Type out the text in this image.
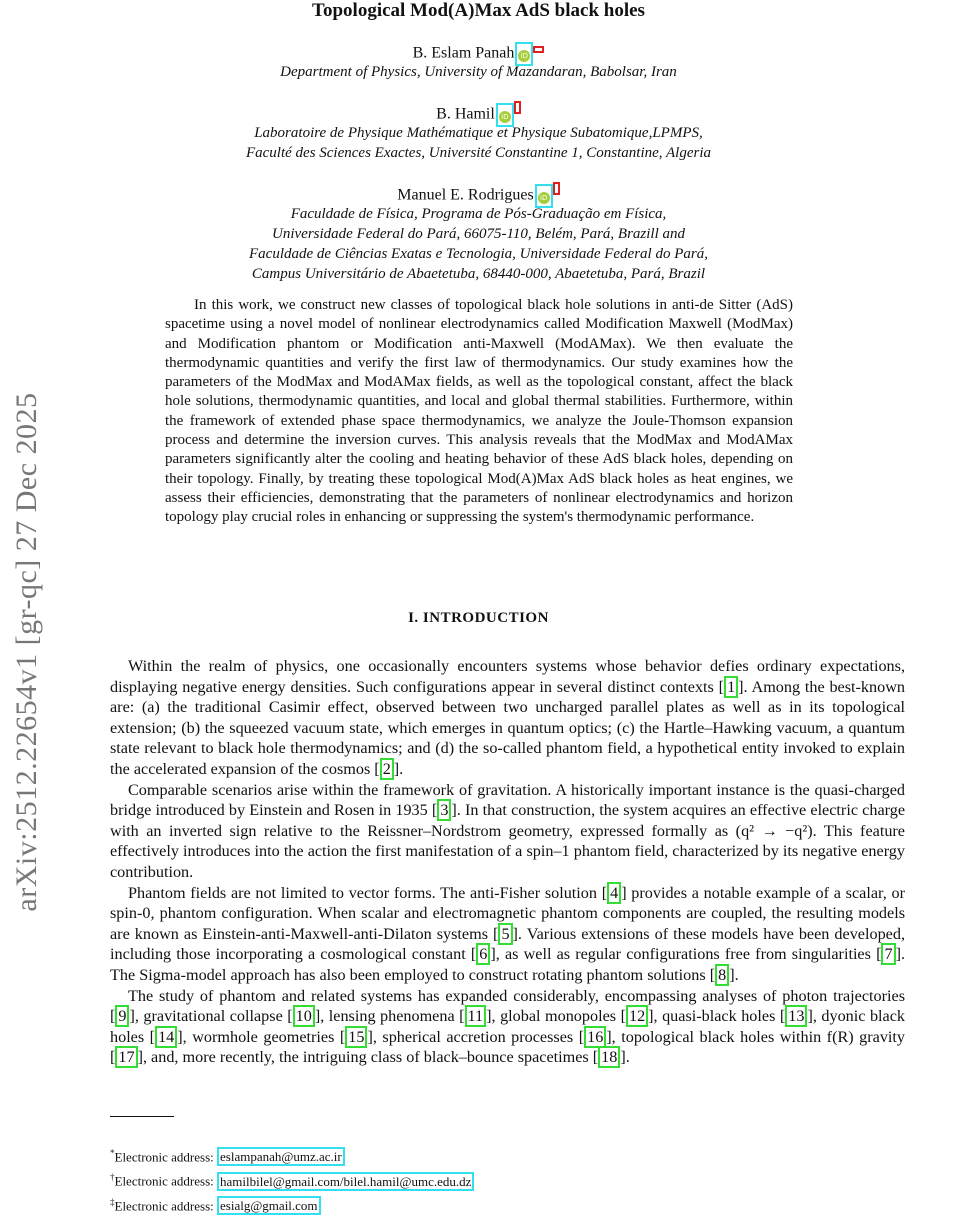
arXiv:2512.22654v1 [gr-qc] 27 Dec 2025
Topological Mod(A)Max AdS black holes
B. Eslam Panah iD
Department of Physics, University of Mazandaran, Babolsar, Iran
B. Hamil iD
Laboratoire de Physique Mathématique et Physique Subatomique,LPMPS,
Faculté des Sciences Exactes, Université Constantine 1, Constantine, Algeria
Manuel E. Rodrigues iD
Faculdade de Física, Programa de Pós-Graduação em Física,
Universidade Federal do Pará, 66075-110, Belém, Pará, Brazill and
Faculdade de Ciências Exatas e Tecnologia, Universidade Federal do Pará,
Campus Universitário de Abaetetuba, 68440-000, Abaetetuba, Pará, Brazil
In this work, we construct new classes of topological black hole solutions in anti-de Sitter (AdS) spacetime using a novel model of nonlinear electrodynamics called Modification Maxwell (ModMax) and Modification phantom or Modification anti-Maxwell (ModAMax). We then evaluate the thermodynamic quantities and verify the first law of thermodynamics. Our study examines how the parameters of the ModMax and ModAMax fields, as well as the topological constant, affect the black hole solutions, thermodynamic quantities, and local and global thermal stabilities. Furthermore, within the framework of extended phase space thermodynamics, we analyze the Joule-Thomson expansion process and determine the inversion curves. This analysis reveals that the ModMax and ModAMax parameters significantly alter the cooling and heating behavior of these AdS black holes, depending on their topology. Finally, by treating these topological Mod(A)Max AdS black holes as heat engines, we assess their efficiencies, demonstrating that the parameters of nonlinear electrodynamics and horizon topology play crucial roles in enhancing or suppressing the system's thermodynamic performance.
I. INTRODUCTION

Within the realm of physics, one occasionally encounters systems whose behavior defies ordinary expectations, displaying negative energy densities. Such configurations appear in several distinct contexts [ 1 ]. Among the best-known are: (a) the traditional Casimir effect, observed between two uncharged parallel plates as well as in its topological extension; (b) the squeezed vacuum state, which emerges in quantum optics; (c) the Hartle–Hawking vacuum, a quantum state relevant to black hole thermodynamics; and (d) the so-called phantom field, a hypothetical entity invoked to explain the accelerated expansion of the cosmos [ 2 ].

Comparable scenarios arise within the framework of gravitation. A historically important instance is the quasi-charged bridge introduced by Einstein and Rosen in 1935 [ 3 ]. In that construction, the system acquires an effective electric charge with an inverted sign relative to the Reissner–Nordstrom geometry, expressed formally as (q² → −q²). This feature effectively introduces into the action the first manifestation of a spin–1 phantom field, characterized by its negative energy contribution.

Phantom fields are not limited to vector forms. The anti-Fisher solution [ 4 ] provides a notable example of a scalar, or spin-0, phantom configuration. When scalar and electromagnetic phantom components are coupled, the resulting models are known as Einstein-anti-Maxwell-anti-Dilaton systems [ 5 ]. Various extensions of these models have been developed, including those incorporating a cosmological constant [ 6 ], as well as regular configurations free from singularities [ 7 ]. The Sigma-model approach has also been employed to construct rotating phantom solutions [ 8 ].

The study of phantom and related systems has expanded considerably, encompassing analyses of photon trajectories [ 9 ], gravitational collapse [ 10 ], lensing phenomena [ 11 ], global monopoles [ 12 ], quasi-black holes [ 13 ], dyonic black holes [ 14 ], wormhole geometries [ 15 ], spherical accretion processes [ 16 ], topological black holes within f(R) gravity [ 17 ], and, more recently, the intriguing class of black–bounce spacetimes [ 18 ].

*Electronic address: eslampanah@umz.ac.ir
†Electronic address: hamilbilel@gmail.com/bilel.hamil@umc.edu.dz
‡Electronic address: esialg@gmail.com
